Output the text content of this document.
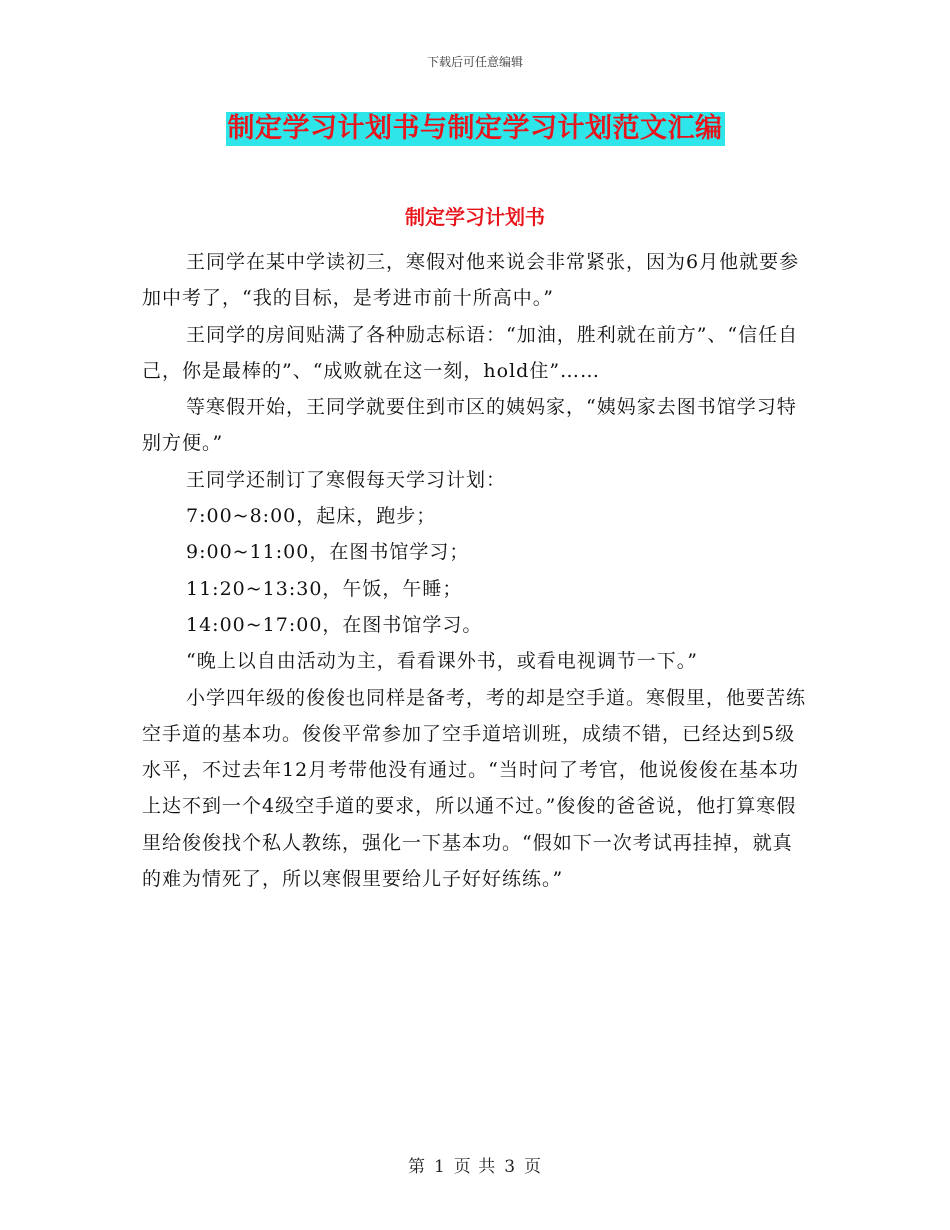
下载后可任意编辑
制定学习计划书与制定学习计划范文汇编
制定学习计划书

王同学在某中学读初三，寒假对他来说会非常紧张，因为6月他就要参加中考了，“我的目标，是考进市前十所高中。”

王同学的房间贴满了各种励志标语：“加油，胜利就在前方”、“信任自己，你是最棒的”、“成败就在这一刻，hold住”……

等寒假开始，王同学就要住到市区的姨妈家，“姨妈家去图书馆学习特别方便。”

王同学还制订了寒假每天学习计划：

7:00~8:00，起床，跑步；

9:00~11:00，在图书馆学习；

11:20~13:30，午饭，午睡；

14:00~17:00，在图书馆学习。

“晚上以自由活动为主，看看课外书，或看电视调节一下。”

小学四年级的俊俊也同样是备考，考的却是空手道。寒假里，他要苦练空手道的基本功。俊俊平常参加了空手道培训班，成绩不错，已经达到5级水平，不过去年12月考带他没有通过。“当时问了考官，他说俊俊在基本功上达不到一个4级空手道的要求，所以通不过。”俊俊的爸爸说，他打算寒假里给俊俊找个私人教练，强化一下基本功。“假如下一次考试再挂掉，就真的难为情死了，所以寒假里要给儿子好好练练。”

第 1 页 共 3 页
